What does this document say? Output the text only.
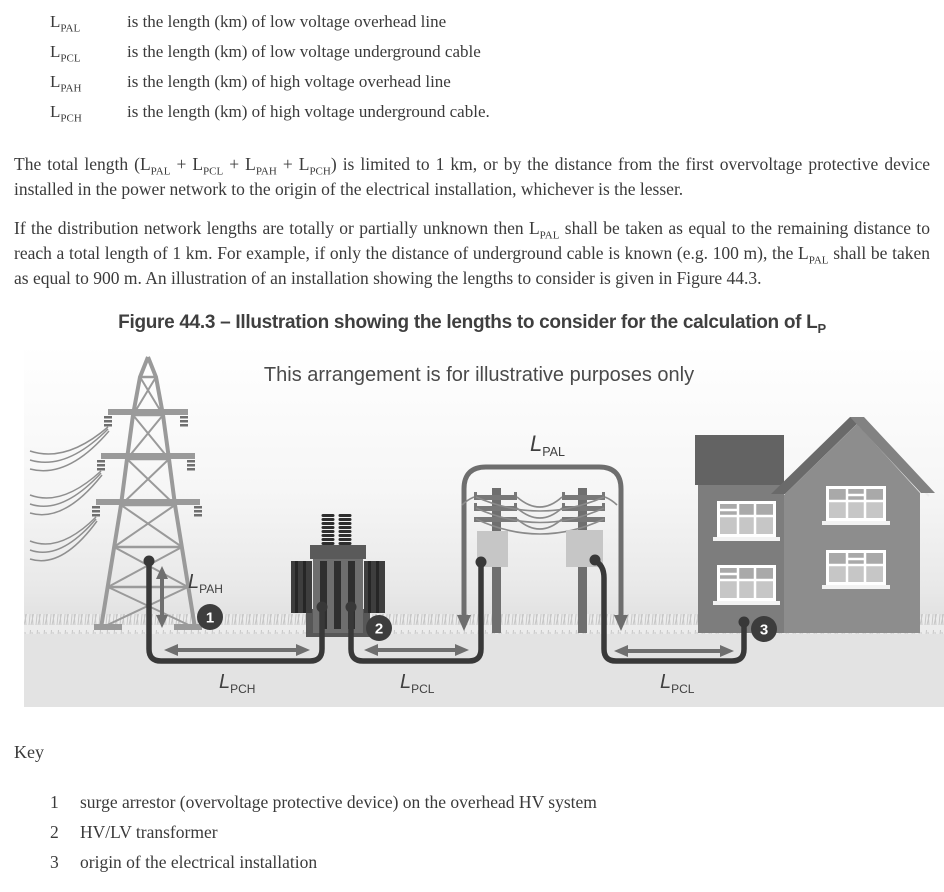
$L_{PAL}$	is the length (km) of low voltage overhead line
$L_{PCL}$	is the length (km) of low voltage underground cable
$L_{PAH}$	is the length (km) of high voltage overhead line
$L_{PCH}$	is the length (km) of high voltage underground cable.

The total length $(L_{PAL} + L_{PCL} + L_{PAH} + L_{PCH})$ is limited to 1 km, or by the distance from the first overvoltage protective device installed in the power network to the origin of the electrical installation, whichever is the lesser.

If the distribution network lengths are totally or partially unknown then $L_{PAL}$ shall be taken as equal to the remaining distance to reach a total length of 1 km. For example, if only the distance of underground cable is known (e.g. 100 m), the $L_{PAL}$ shall be taken as equal to 900 m. An illustration of an installation showing the lengths to consider is given in Figure 44.3.

Figure 44.3 – Illustration showing the lengths to consider for the calculation of $L_P$
$L_{PAL}$
$L_{PAH}$
$L_{PCH}$	$L_{PCL}$	$L_{PCL}$
This arrangement is for illustrative purposes only
1
2	3
Key
1	surge arrestor (overvoltage protective device) on the overhead HV system
2	HV/LV transformer
3	origin of the electrical installation
